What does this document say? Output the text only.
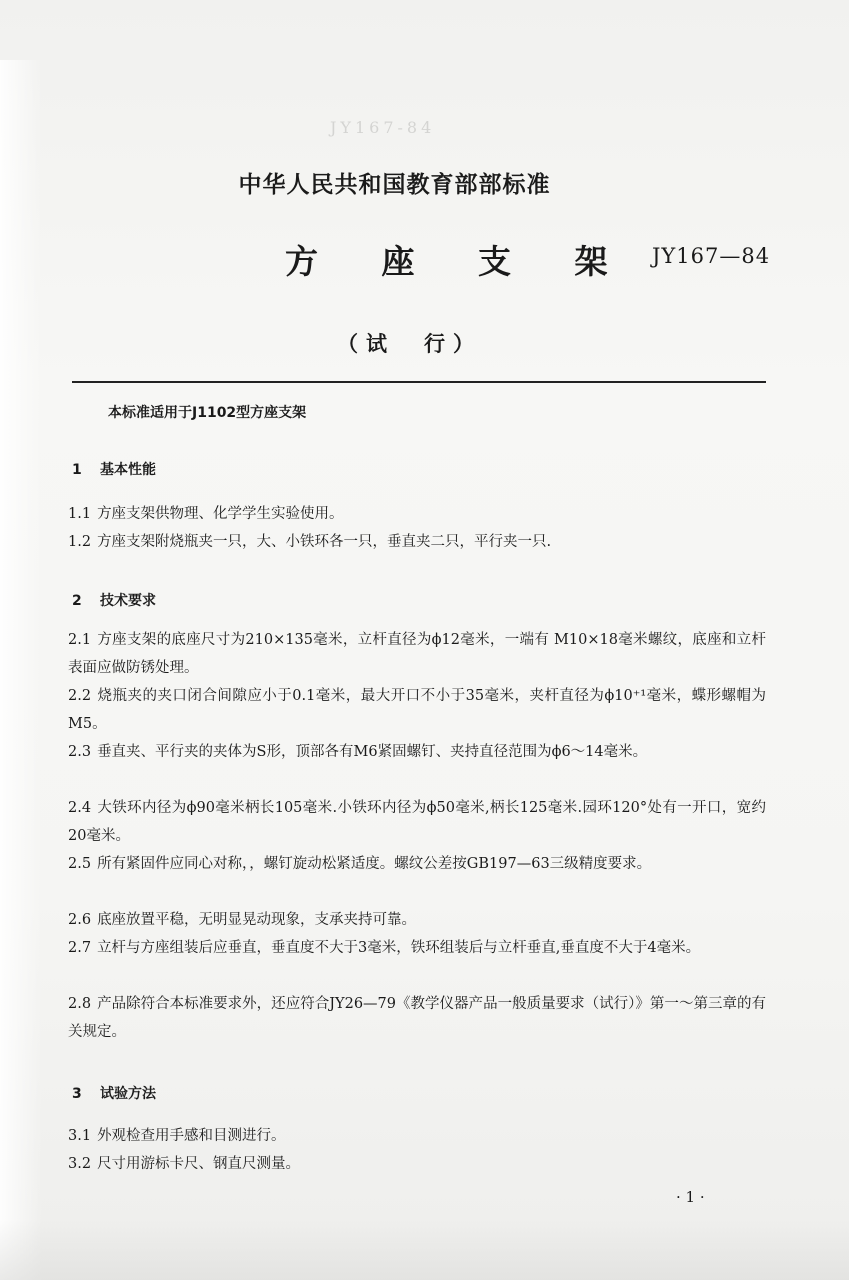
JY167-84
中华人民共和国教育部部标准
方 座 支 架 JY167—84
（试　行）
本标准适用于J1102型方座支架
1 基本性能
1.1 方座支架供物理、化学学生实验使用。
1.2 方座支架附烧瓶夹一只，大、小铁环各一只，垂直夹二只，平行夹一只.
2 技术要求
2.1 方座支架的底座尺寸为210×135毫米，立杆直径为ϕ12毫米，一端有 M10×18毫米螺纹，底座和立杆表面应做防锈处理。
2.2 烧瓶夹的夹口闭合间隙应小于0.1毫米，最大开口不小于35毫米，夹杆直径为ϕ10⁺¹毫米，蝶形螺帽为M5。
2.3 垂直夹、平行夹的夹体为S形，顶部各有M6紧固螺钉、夹持直径范围为ϕ6～14毫米。
2.4 大铁环内径为ϕ90毫米柄长105毫米.小铁环内径为ϕ50毫米,柄长125毫米.园环120°处有一开口，宽约20毫米。
2.5 所有紧固件应同心对称，，螺钉旋动松紧适度。螺纹公差按GB197—63三级精度要求。
2.6 底座放置平稳，无明显晃动现象，支承夹持可靠。
2.7 立杆与方座组装后应垂直，垂直度不大于3毫米，铁环组装后与立杆垂直,垂直度不大于4毫米。
2.8 产品除符合本标准要求外，还应符合JY26—79《教学仪器产品一般质量要求（试行）》第一～第三章的有关规定。
3 试验方法
3.1 外观检查用手感和目测进行。
3.2 尺寸用游标卡尺、钢直尺测量。
· 1 ·
